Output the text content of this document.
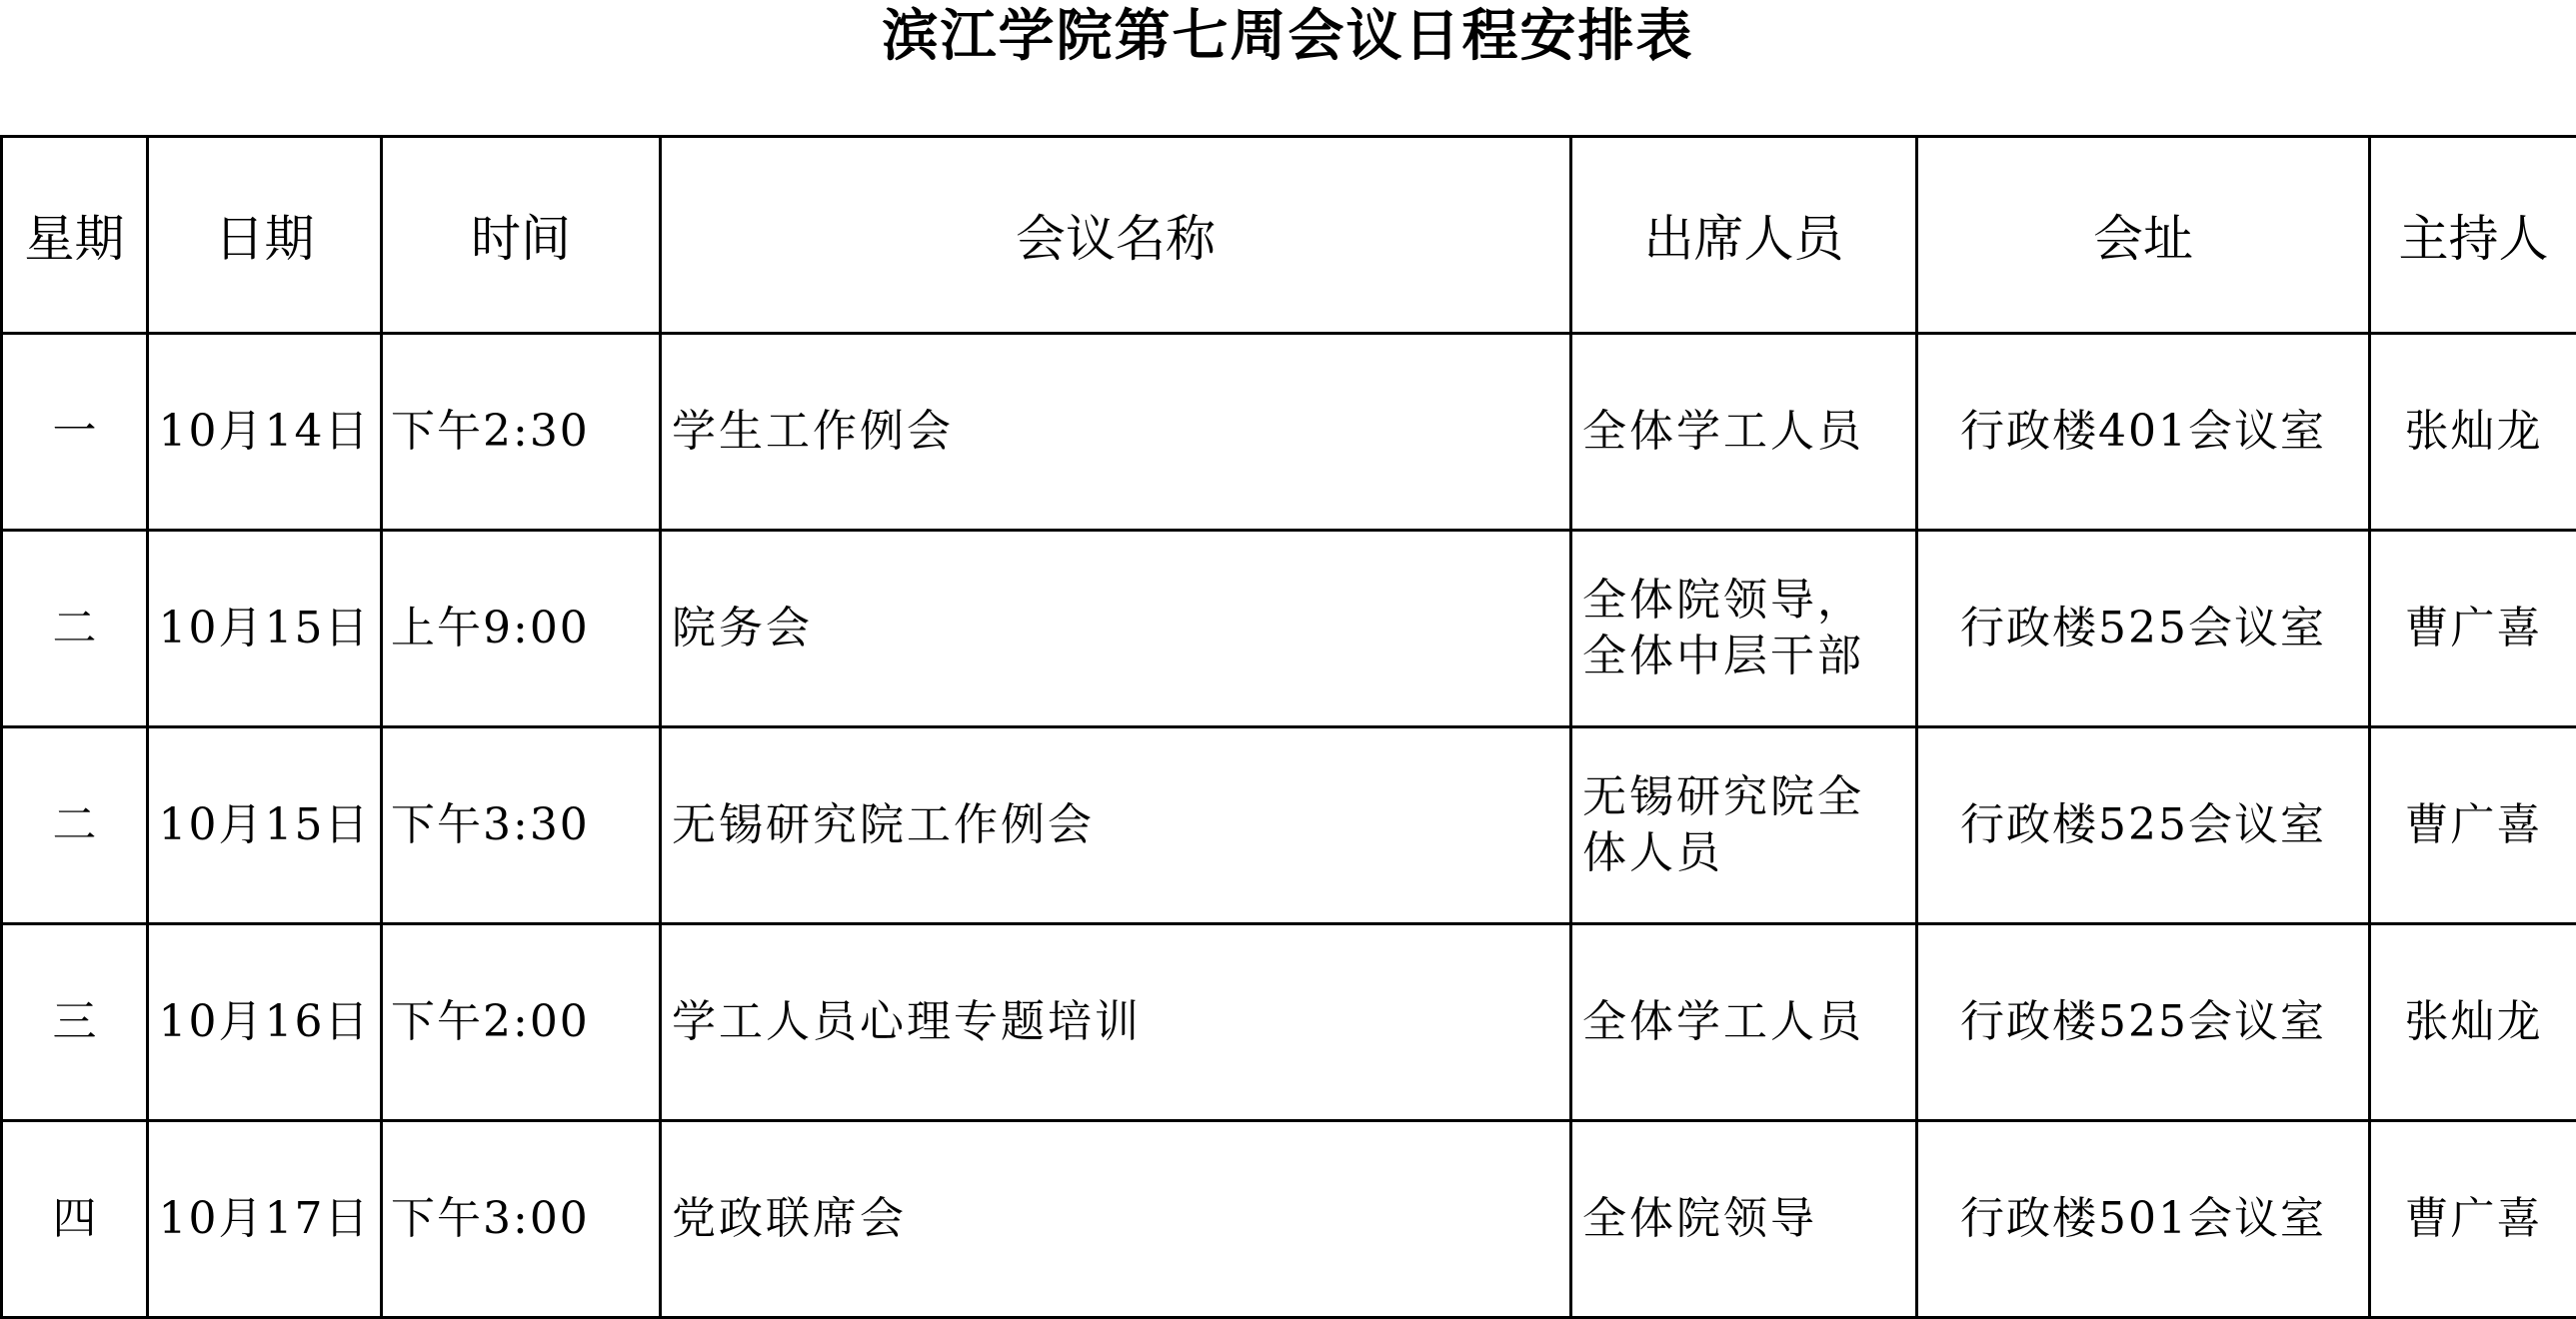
滨江学院第七周会议日程安排表
星期	日期	时间	会议名称	出席人员	会址	主持人
一	10月14日	下午2:30	学生工作例会	全体学工人员	行政楼401会议室	张灿龙
二	10月15日	上午9:00	院务会	全体院领导，全体中层干部	行政楼525会议室	曹广喜
二	10月15日	下午3:30	无锡研究院工作例会	无锡研究院全体人员	行政楼525会议室	曹广喜
三	10月16日	下午2:00	学工人员心理专题培训	全体学工人员	行政楼525会议室	张灿龙
四	10月17日	下午3:00	党政联席会	全体院领导	行政楼501会议室	曹广喜
